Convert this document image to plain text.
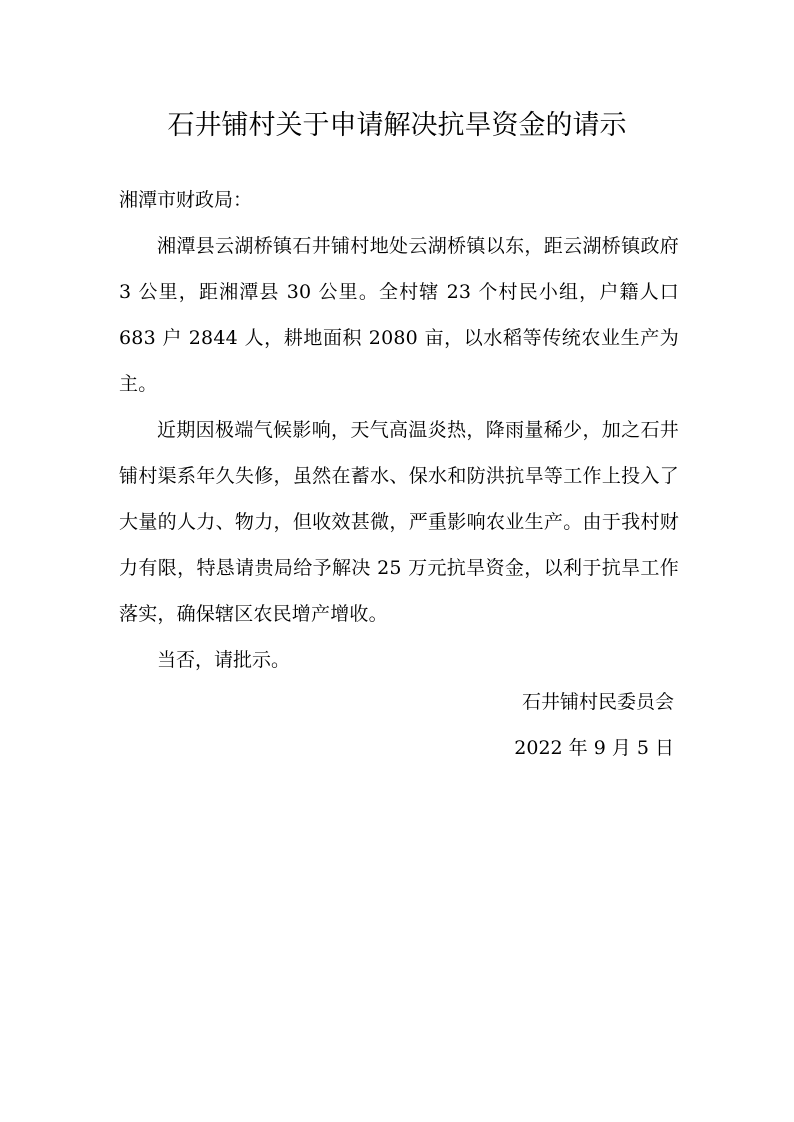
石井铺村关于申请解决抗旱资金的请示

湘潭市财政局：

湘潭县云湖桥镇石井铺村地处云湖桥镇以东，距云湖桥镇政府 3 公里，距湘潭县 30 公里。全村辖 23 个村民小组，户籍人口 683 户 2844 人，耕地面积 2080 亩，以水稻等传统农业生产为主。

近期因极端气候影响，天气高温炎热，降雨量稀少，加之石井铺村渠系年久失修，虽然在蓄水、保水和防洪抗旱等工作上投入了大量的人力、物力，但收效甚微，严重影响农业生产。由于我村财力有限，特恳请贵局给予解决 25 万元抗旱资金，以利于抗旱工作落实，确保辖区农民增产增收。

当否，请批示。

石井铺村民委员会
2022 年 9 月 5 日
